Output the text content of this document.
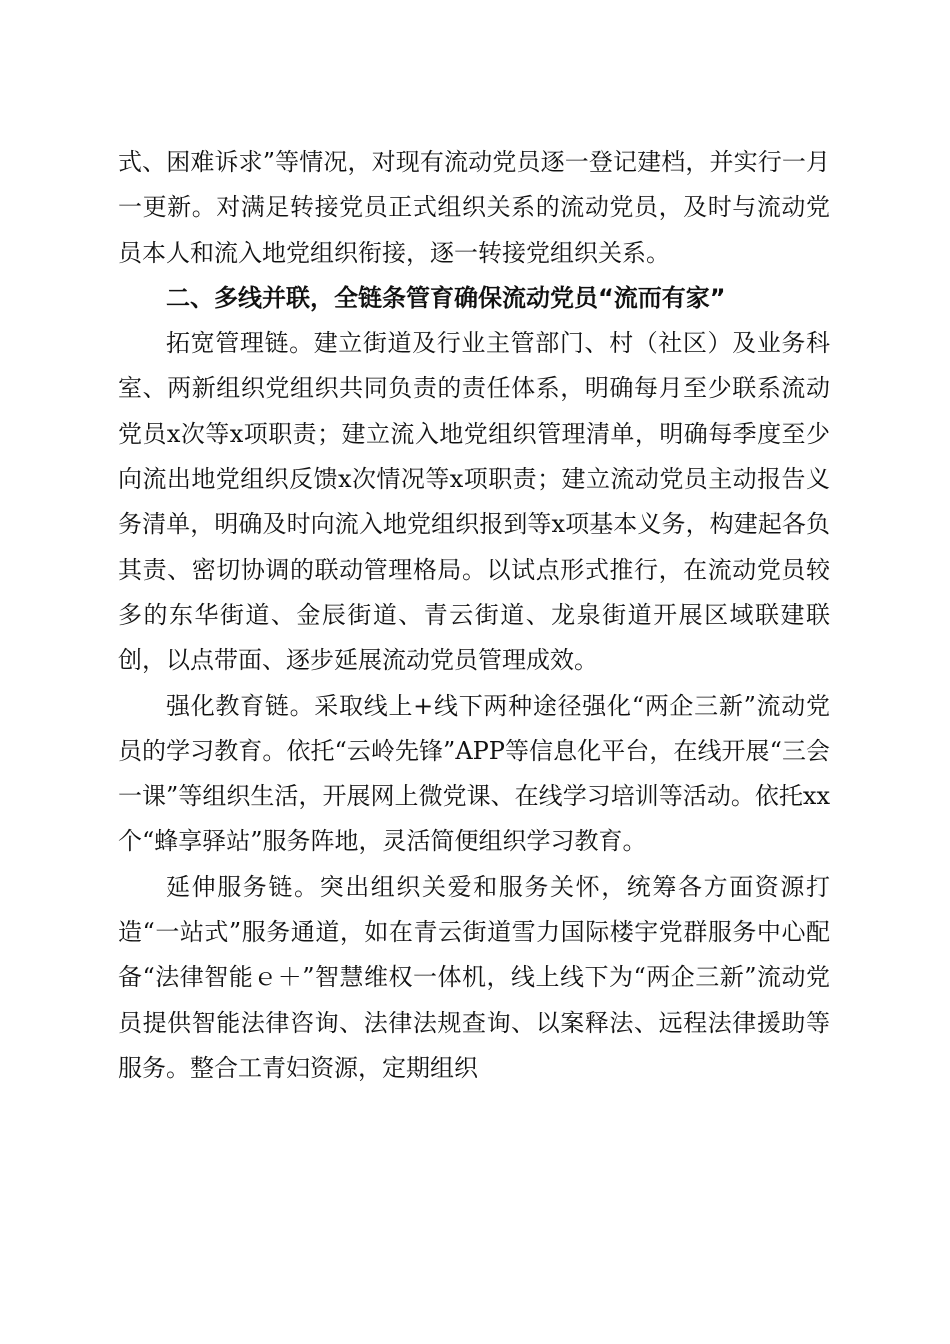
式、困难诉求”等情况，对现有流动党员逐一登记建档，并实行一月一更新。对满足转接党员正式组织关系的流动党员，及时与流动党员本人和流入地党组织衔接，逐一转接党组织关系。

二、多线并联，全链条管育确保流动党员“流而有家”

拓宽管理链。建立街道及行业主管部门、村（社区）及业务科室、两新组织党组织共同负责的责任体系，明确每月至少联系流动党员x次等x项职责；建立流入地党组织管理清单，明确每季度至少向流出地党组织反馈x次情况等x项职责；建立流动党员主动报告义务清单，明确及时向流入地党组织报到等x项基本义务，构建起各负其责、密切协调的联动管理格局。以试点形式推行，在流动党员较多的东华街道、金辰街道、青云街道、龙泉街道开展区域联建联创，以点带面、逐步延展流动党员管理成效。

强化教育链。采取线上+线下两种途径强化“两企三新”流动党员的学习教育。依托“云岭先锋”APP等信息化平台，在线开展“三会一课”等组织生活，开展网上微党课、在线学习培训等活动。依托xx个“蜂享驿站”服务阵地，灵活简便组织学习教育。

延伸服务链。突出组织关爱和服务关怀，统筹各方面资源打造“一站式”服务通道，如在青云街道雪力国际楼宇党群服务中心配备“法律智能ｅ＋”智慧维权一体机，线上线下为“两企三新”流动党员提供智能法律咨询、法律法规查询、以案释法、远程法律援助等服务。整合工青妇资源，定期组织
